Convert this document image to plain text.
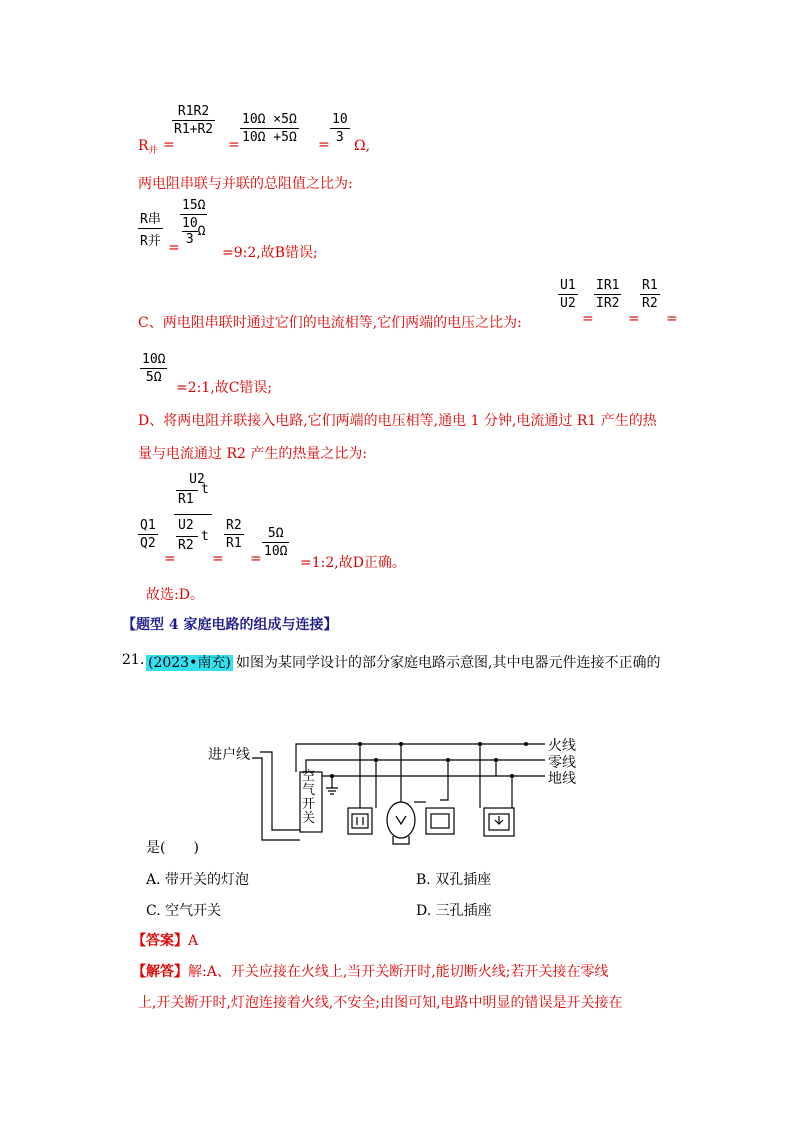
$R_并$ =
R1R2
R1+R2
=
10Ω ×5Ω
10Ω +5Ω =
10
3
Ω,
两电阻串联与并联的总阻值之比为:
R串
R并 =
15Ω
$\frac{10}{3}$ Ω
=9:2,故B错误;
C、两电阻串联时通过它们的电流相等,它们两端的电压之比为:
U1
U2
=
IR1
IR2
=
R1
R2
=
10Ω
5Ω
=2:1,故C错误;
D、将两电阻并联接入电路,它们两端的电压相等,通电 1 分钟,电流通过 R1 产生的热
量与电流通过 R2 产生的热量之比为:
Q1
Q2
=
U2
R1
t
U2
R2
t
=
R2
R1
=
5Ω
10Ω
=1:2,故D正确。
故选:D。
【题型 4 家庭电路的组成与连接】
21. (2023•南充) 如图为某同学设计的部分家庭电路示意图,其中电器元件连接不正确的
进户线
空
气
开
关
火线
零线
地线
是(　　)
A. 带开关的灯泡	B. 双孔插座
C. 空气开关	D. 三孔插座
【答案】A
【解答】解:A、开关应接在火线上,当开关断开时,能切断火线;若开关接在零线
上,开关断开时,灯泡连接着火线,不安全;由图可知,电路中明显的错误是开关接在
